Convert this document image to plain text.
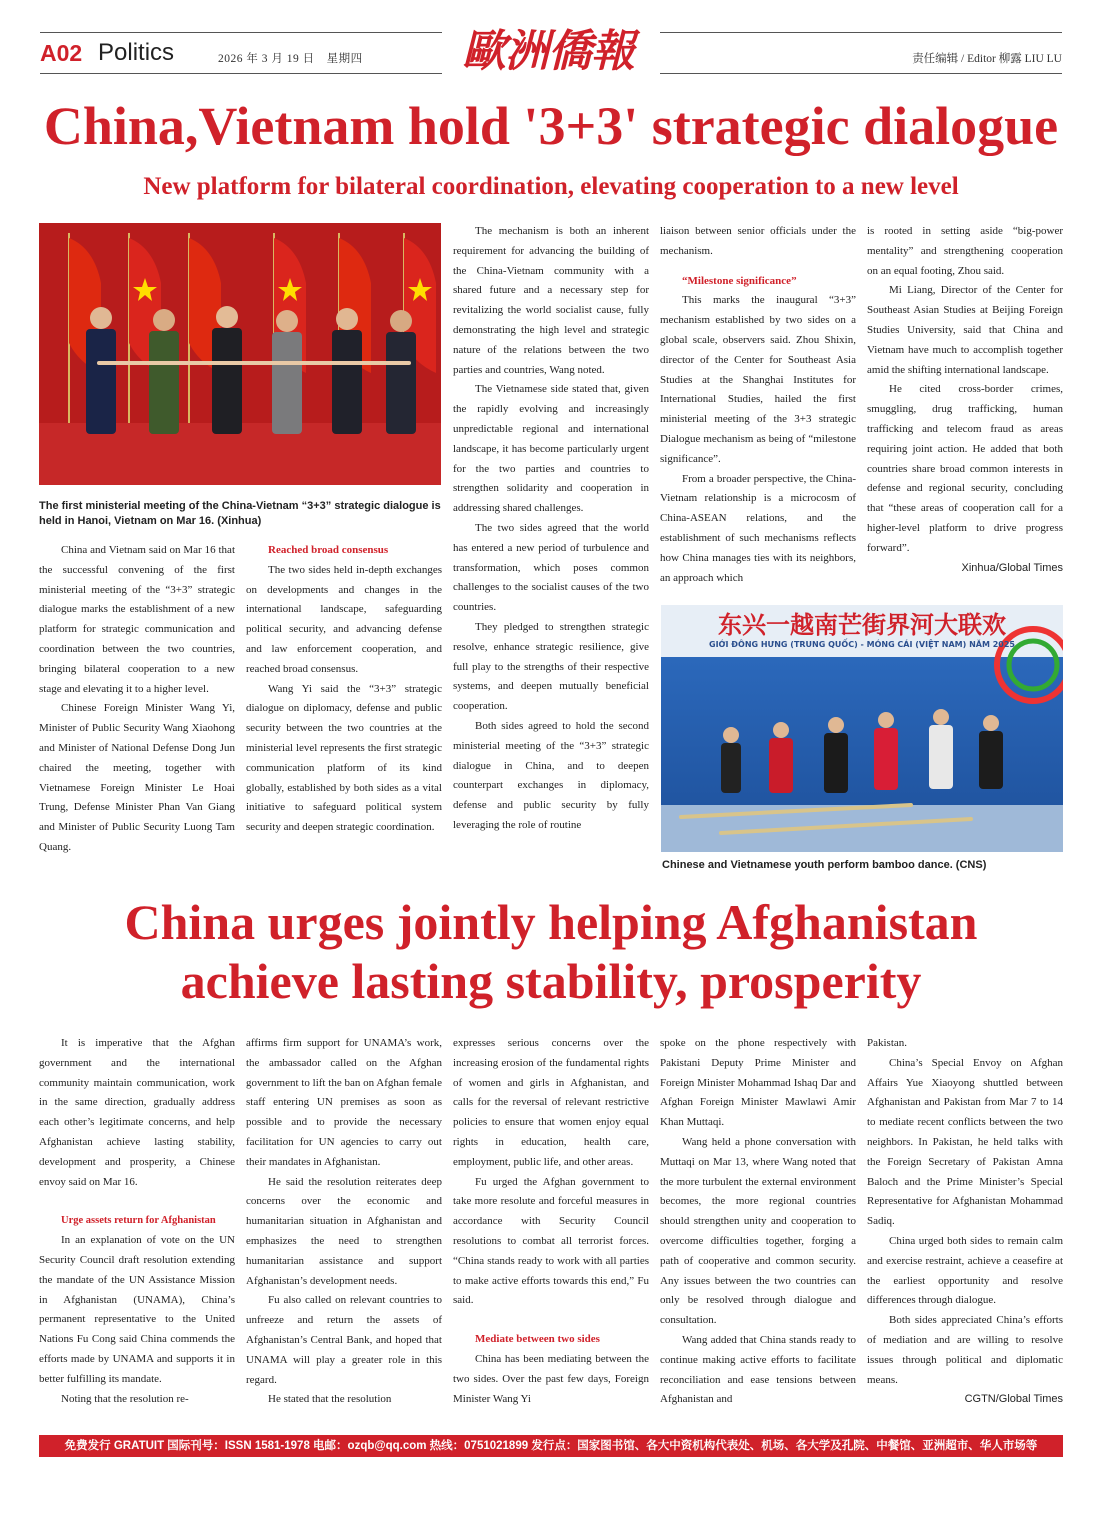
A02 Politics	2026 年 3 月 19 日　星期四 歐洲僑報	责任编辑 / Editor 柳露 LIU LU
China,Vietnam hold '3+3' strategic dialogue
New platform for bilateral coordination, elevating cooperation to a new level
The first ministerial meeting of the China-Vietnam “3+3” strategic dialogue is held in Hanoi, Vietnam on Mar 16. (Xinhua)

China and Vietnam said on Mar 16 that the successful convening of the first ministerial meeting of the “3+3” strategic dialogue marks the establishment of a new platform for strategic communication and coordination between the two countries, bringing bilateral cooperation to a new stage and elevating it to a higher level.

Chinese Foreign Minister Wang Yi, Minister of Public Security Wang Xiaohong and Minister of National Defense Dong Jun chaired the meeting, together with Vietnamese Foreign Minister Le Hoai Trung, Defense Minister Phan Van Giang and Minister of Public Security Luong Tam Quang.

Reached broad consensus

The two sides held in-depth exchanges on developments and changes in the international landscape, safeguarding political security, and advancing defense and law enforcement cooperation, and reached broad consensus.

Wang Yi said the “3+3” strategic dialogue on diplomacy, defense and public security between the two countries at the ministerial level represents the first strategic communication platform of its kind globally, established by both sides as a vital initiative to safeguard political system security and deepen strategic coordination.

The mechanism is both an inherent requirement for advancing the building of the China-Vietnam community with a shared future and a necessary step for revitalizing the world socialist cause, fully demonstrating the high level and strategic nature of the relations between the two parties and countries, Wang noted.

The Vietnamese side stated that, given the rapidly evolving and increasingly unpredictable regional and international landscape, it has become particularly urgent for the two parties and countries to strengthen solidarity and cooperation in addressing shared challenges.

The two sides agreed that the world has entered a new period of turbulence and transformation, which poses common challenges to the socialist causes of the two countries.

They pledged to strengthen strategic resolve, enhance strategic resilience, give full play to the strengths of their respective systems, and deepen mutually beneficial cooperation.

Both sides agreed to hold the second ministerial meeting of the “3+3” strategic dialogue in China, and to deepen counterpart exchanges in diplomacy, defense and public security by fully leveraging the role of routine

liaison between senior officials under the mechanism.

“Milestone significance”

This marks the inaugural “3+3” mechanism established by two sides on a global scale, observers said. Zhou Shixin, director of the Center for Southeast Asia Studies at the Shanghai Institutes for International Studies, hailed the first ministerial meeting of the 3+3 strategic Dialogue mechanism as being of “milestone significance”.

From a broader perspective, the China-Vietnam relationship is a microcosm of China-ASEAN relations, and the establishment of such mechanisms reflects how China manages ties with its neighbors, an approach which

is rooted in setting aside “big-power mentality” and strengthening cooperation on an equal footing, Zhou said.

Mi Liang, Director of the Center for Southeast Asian Studies at Beijing Foreign Studies University, said that China and Vietnam have much to accomplish together amid the shifting international landscape.

He cited cross-border crimes, smuggling, drug trafficking, human trafficking and telecom fraud as areas requiring joint action. He added that both countries share broad common interests in defense and regional security, concluding that “these areas of cooperation call for a higher-level platform to drive progress forward”.

Xinhua/Global Times
东兴一越南芒街界河大联欢
GIỚI ĐÔNG HƯNG (TRUNG QUỐC) - MÓNG CÁI (VIỆT NAM) NĂM 2025
Chinese and Vietnamese youth perform bamboo dance. (CNS)
China urges jointly helping Afghanistan
achieve lasting stability, prosperity

It is imperative that the Afghan government and the international community maintain communication, work in the same direction, gradually address each other’s legitimate concerns, and help Afghanistan achieve lasting stability, development and prosperity, a Chinese envoy said on Mar 16.

Urge assets return for Afghanistan

In an explanation of vote on the UN Security Council draft resolution extending the mandate of the UN Assistance Mission in Afghanistan (UNAMA), China’s permanent representative to the United Nations Fu Cong said China commends the efforts made by UNAMA and supports it in better fulfilling its mandate.

Noting that the resolution re-

affirms firm support for UNAMA’s work, the ambassador called on the Afghan government to lift the ban on Afghan female staff entering UN premises as soon as possible and to provide the necessary facilitation for UN agencies to carry out their mandates in Afghanistan.

He said the resolution reiterates deep concerns over the economic and humanitarian situation in Afghanistan and emphasizes the need to strengthen humanitarian assistance and support Afghanistan’s development needs.

Fu also called on relevant countries to unfreeze and return the assets of Afghanistan’s Central Bank, and hoped that UNAMA will play a greater role in this regard.

He stated that the resolution

expresses serious concerns over the increasing erosion of the fundamental rights of women and girls in Afghanistan, and calls for the reversal of relevant restrictive policies to ensure that women enjoy equal rights in education, health care, employment, public life, and other areas.

Fu urged the Afghan government to take more resolute and forceful measures in accordance with Security Council resolutions to combat all terrorist forces. “China stands ready to work with all parties to make active efforts towards this end,” Fu said.

Mediate between two sides

China has been mediating between the two sides. Over the past few days, Foreign Minister Wang Yi

spoke on the phone respectively with Pakistani Deputy Prime Minister and Foreign Minister Mohammad Ishaq Dar and Afghan Foreign Minister Mawlawi Amir Khan Muttaqi.

Wang held a phone conversation with Muttaqi on Mar 13, where Wang noted that the more turbulent the external environment becomes, the more regional countries should strengthen unity and cooperation to overcome difficulties together, forging a path of cooperative and common security. Any issues between the two countries can only be resolved through dialogue and consultation.

Wang added that China stands ready to continue making active efforts to facilitate reconciliation and ease tensions between Afghanistan and

Pakistan.

China’s Special Envoy on Afghan Affairs Yue Xiaoyong shuttled between Afghanistan and Pakistan from Mar 7 to 14 to mediate recent conflicts between the two neighbors. In Pakistan, he held talks with the Foreign Secretary of Pakistan Amna Baloch and the Prime Minister’s Special Representative for Afghanistan Mohammad Sadiq.

China urged both sides to remain calm and exercise restraint, achieve a ceasefire at the earliest opportunity and resolve differences through dialogue.

Both sides appreciated China’s efforts of mediation and are willing to resolve issues through political and diplomatic means.

CGTN/Global Times
免费发行 GRATUIT 国际刊号：ISSN 1581-1978 电邮：ozqb@qq.com 热线：0751021899 发行点：国家图书馆、各大中资机构代表处、机场、各大学及孔院、中餐馆、亚洲超市、华人市场等
